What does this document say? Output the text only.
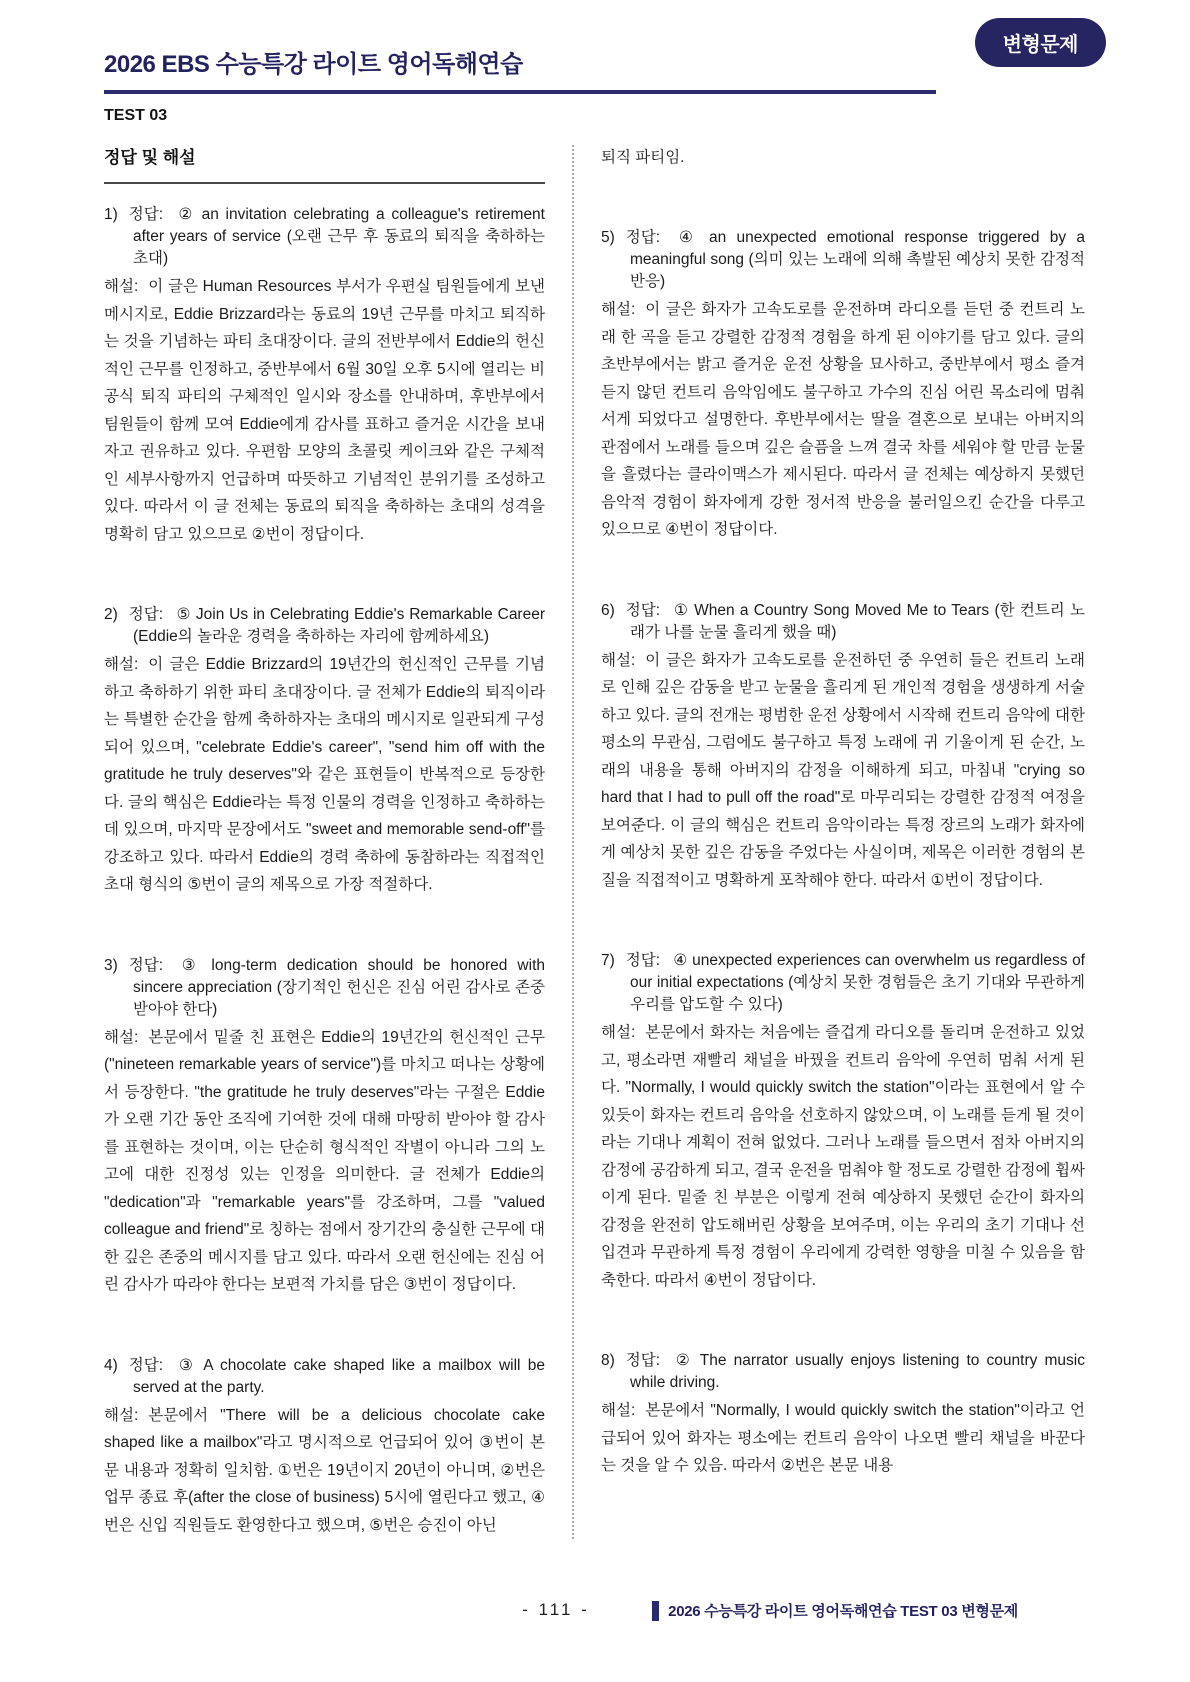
2026 EBS 수능특강 라이트 영어독해연습
TEST 03
변형문제
정답 및 해설
1) 정답: ② an invitation celebrating a colleague's retirement after years of service (오랜 근무 후 동료의 퇴직을 축하하는 초대)
해설: 이 글은 Human Resources 부서가 우편실 팀원들에게 보낸 메시지로, Eddie Brizzard라는 동료의 19년 근무를 마치고 퇴직하는 것을 기념하는 파티 초대장이다. 글의 전반부에서 Eddie의 헌신적인 근무를 인정하고, 중반부에서 6월 30일 오후 5시에 열리는 비공식 퇴직 파티의 구체적인 일시와 장소를 안내하며, 후반부에서 팀원들이 함께 모여 Eddie에게 감사를 표하고 즐거운 시간을 보내자고 권유하고 있다. 우편함 모양의 초콜릿 케이크와 같은 구체적인 세부사항까지 언급하며 따뜻하고 기념적인 분위기를 조성하고 있다. 따라서 이 글 전체는 동료의 퇴직을 축하하는 초대의 성격을 명확히 담고 있으므로 ②번이 정답이다.
2) 정답: ⑤ Join Us in Celebrating Eddie's Remarkable Career (Eddie의 놀라운 경력을 축하하는 자리에 함께하세요)
해설: 이 글은 Eddie Brizzard의 19년간의 헌신적인 근무를 기념하고 축하하기 위한 파티 초대장이다. 글 전체가 Eddie의 퇴직이라는 특별한 순간을 함께 축하하자는 초대의 메시지로 일관되게 구성되어 있으며, "celebrate Eddie's career", "send him off with the gratitude he truly deserves"와 같은 표현들이 반복적으로 등장한다. 글의 핵심은 Eddie라는 특정 인물의 경력을 인정하고 축하하는 데 있으며, 마지막 문장에서도 "sweet and memorable send-off"를 강조하고 있다. 따라서 Eddie의 경력 축하에 동참하라는 직접적인 초대 형식의 ⑤번이 글의 제목으로 가장 적절하다.
3) 정답: ③ long-term dedication should be honored with sincere appreciation (장기적인 헌신은 진심 어린 감사로 존중받아야 한다)
해설: 본문에서 밑줄 친 표현은 Eddie의 19년간의 헌신적인 근무("nineteen remarkable years of service")를 마치고 떠나는 상황에서 등장한다. "the gratitude he truly deserves"라는 구절은 Eddie가 오랜 기간 동안 조직에 기여한 것에 대해 마땅히 받아야 할 감사를 표현하는 것이며, 이는 단순히 형식적인 작별이 아니라 그의 노고에 대한 진정성 있는 인정을 의미한다. 글 전체가 Eddie의 "dedication"과 "remarkable years"를 강조하며, 그를 "valued colleague and friend"로 칭하는 점에서 장기간의 충실한 근무에 대한 깊은 존중의 메시지를 담고 있다. 따라서 오랜 헌신에는 진심 어린 감사가 따라야 한다는 보편적 가치를 담은 ③번이 정답이다.
4) 정답: ③ A chocolate cake shaped like a mailbox will be served at the party.
해설: 본문에서 "There will be a delicious chocolate cake shaped like a mailbox"라고 명시적으로 언급되어 있어 ③번이 본문 내용과 정확히 일치함. ①번은 19년이지 20년이 아니며, ②번은 업무 종료 후(after the close of business) 5시에 열린다고 했고, ④번은 신입 직원들도 환영한다고 했으며, ⑤번은 승진이 아닌
퇴직 파티임.
5) 정답: ④ an unexpected emotional response triggered by a meaningful song (의미 있는 노래에 의해 촉발된 예상치 못한 감정적 반응)
해설: 이 글은 화자가 고속도로를 운전하며 라디오를 듣던 중 컨트리 노래 한 곡을 듣고 강렬한 감정적 경험을 하게 된 이야기를 담고 있다. 글의 초반부에서는 밝고 즐거운 운전 상황을 묘사하고, 중반부에서 평소 즐겨 듣지 않던 컨트리 음악임에도 불구하고 가수의 진심 어린 목소리에 멈춰 서게 되었다고 설명한다. 후반부에서는 딸을 결혼으로 보내는 아버지의 관점에서 노래를 들으며 깊은 슬픔을 느껴 결국 차를 세워야 할 만큼 눈물을 흘렸다는 클라이맥스가 제시된다. 따라서 글 전체는 예상하지 못했던 음악적 경험이 화자에게 강한 정서적 반응을 불러일으킨 순간을 다루고 있으므로 ④번이 정답이다.
6) 정답: ① When a Country Song Moved Me to Tears (한 컨트리 노래가 나를 눈물 흘리게 했을 때)
해설: 이 글은 화자가 고속도로를 운전하던 중 우연히 들은 컨트리 노래로 인해 깊은 감동을 받고 눈물을 흘리게 된 개인적 경험을 생생하게 서술하고 있다. 글의 전개는 평범한 운전 상황에서 시작해 컨트리 음악에 대한 평소의 무관심, 그럼에도 불구하고 특정 노래에 귀 기울이게 된 순간, 노래의 내용을 통해 아버지의 감정을 이해하게 되고, 마침내 "crying so hard that I had to pull off the road"로 마무리되는 강렬한 감정적 여정을 보여준다. 이 글의 핵심은 컨트리 음악이라는 특정 장르의 노래가 화자에게 예상치 못한 깊은 감동을 주었다는 사실이며, 제목은 이러한 경험의 본질을 직접적이고 명확하게 포착해야 한다. 따라서 ①번이 정답이다.
7) 정답: ④ unexpected experiences can overwhelm us regardless of our initial expectations (예상치 못한 경험들은 초기 기대와 무관하게 우리를 압도할 수 있다)
해설: 본문에서 화자는 처음에는 즐겁게 라디오를 돌리며 운전하고 있었고, 평소라면 재빨리 채널을 바꿨을 컨트리 음악에 우연히 멈춰 서게 된다. "Normally, I would quickly switch the station"이라는 표현에서 알 수 있듯이 화자는 컨트리 음악을 선호하지 않았으며, 이 노래를 듣게 될 것이라는 기대나 계획이 전혀 없었다. 그러나 노래를 들으면서 점차 아버지의 감정에 공감하게 되고, 결국 운전을 멈춰야 할 정도로 강렬한 감정에 휩싸이게 된다. 밑줄 친 부분은 이렇게 전혀 예상하지 못했던 순간이 화자의 감정을 완전히 압도해버린 상황을 보여주며, 이는 우리의 초기 기대나 선입견과 무관하게 특정 경험이 우리에게 강력한 영향을 미칠 수 있음을 함축한다. 따라서 ④번이 정답이다.
8) 정답: ② The narrator usually enjoys listening to country music while driving.
해설: 본문에서 "Normally, I would quickly switch the station"이라고 언급되어 있어 화자는 평소에는 컨트리 음악이 나오면 빨리 채널을 바꾼다는 것을 알 수 있음. 따라서 ②번은 본문 내용
- 111 -	2026 수능특강 라이트 영어독해연습 TEST 03 변형문제
